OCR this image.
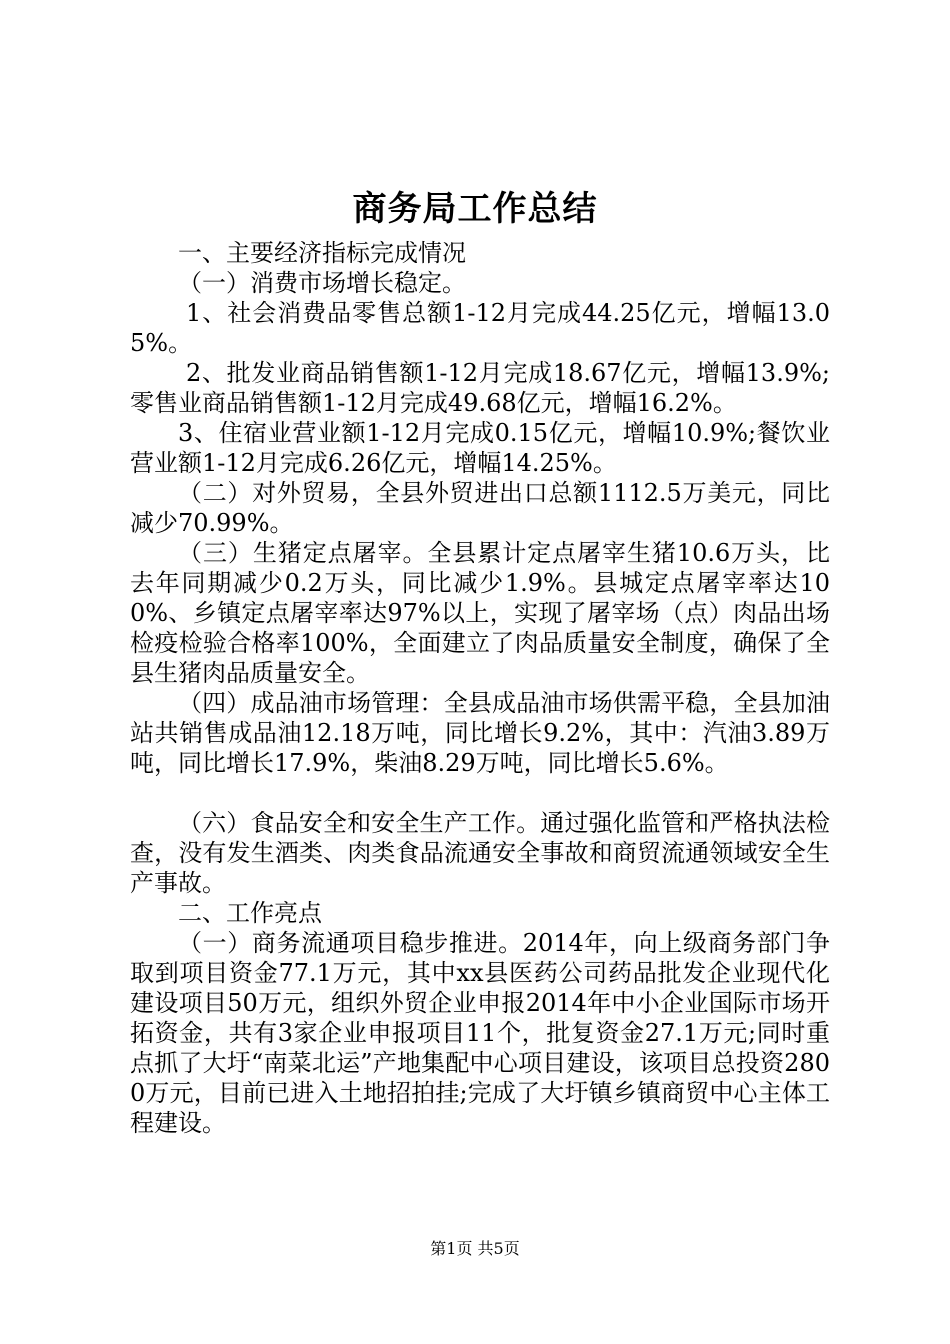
商务局工作总结

一、主要经济指标完成情况

（一）消费市场增长稳定。

1、社会消费品零售总额1-12月完成44.25亿元，增幅13.05%。

2、批发业商品销售额1-12月完成18.67亿元，增幅13.9%;零售业商品销售额1-12月完成49.68亿元，增幅16.2%。

3、住宿业营业额1-12月完成0.15亿元，增幅10.9%;餐饮业营业额1-12月完成6.26亿元，增幅14.25%。

（二）对外贸易，全县外贸进出口总额1112.5万美元，同比减少70.99%。

（三）生猪定点屠宰。全县累计定点屠宰生猪10.6万头，比去年同期减少0.2万头，同比减少1.9%。县城定点屠宰率达100%、乡镇定点屠宰率达97%以上，实现了屠宰场（点）肉品出场检疫检验合格率100%，全面建立了肉品质量安全制度，确保了全县生猪肉品质量安全。

（四）成品油市场管理：全县成品油市场供需平稳，全县加油站共销售成品油12.18万吨，同比增长9.2%，其中：汽油3.89万吨，同比增长17.9%，柴油8.29万吨，同比增长5.6%。

（六）食品安全和安全生产工作。通过强化监管和严格执法检查，没有发生酒类、肉类食品流通安全事故和商贸流通领域安全生产事故。

二、工作亮点

（一）商务流通项目稳步推进。2014年，向上级商务部门争取到项目资金77.1万元，其中xx县医药公司药品批发企业现代化建设项目50万元，组织外贸企业申报2014年中小企业国际市场开拓资金，共有3家企业申报项目11个，批复资金27.1万元;同时重点抓了大圩“南菜北运”产地集配中心项目建设，该项目总投资2800万元，目前已进入土地招拍挂;完成了大圩镇乡镇商贸中心主体工程建设。

第1页 共5页
